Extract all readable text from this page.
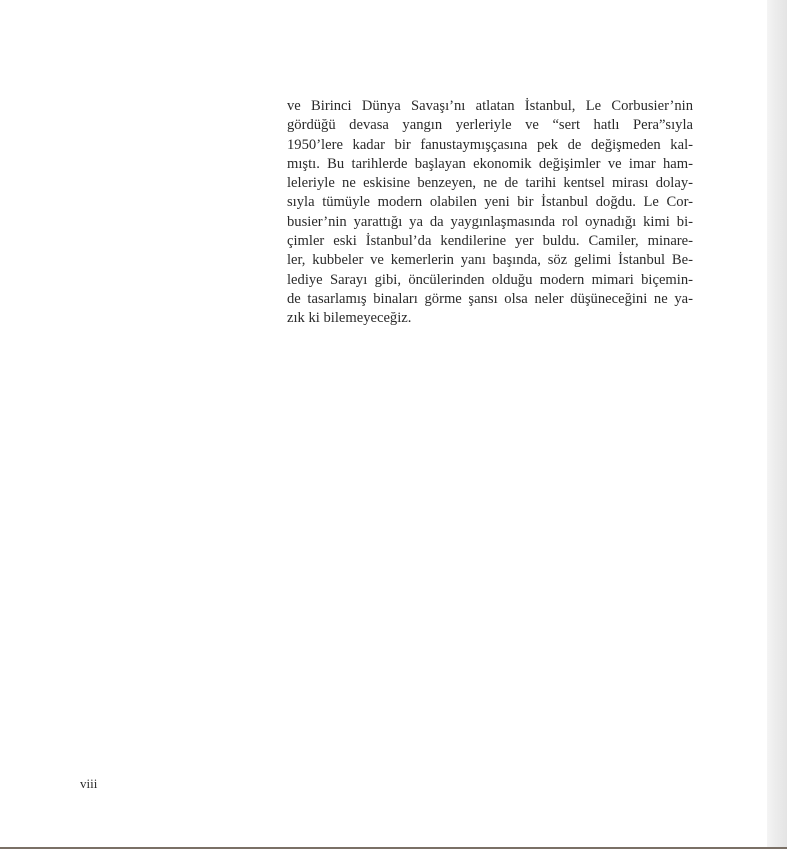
ve Birinci Dünya Savaşı’nı atlatan İstanbul, Le Corbusier’nin
gördüğü devasa yangın yerleriyle ve “sert hatlı Pera”sıyla
1950’lere kadar bir fanustaymışçasına pek de değişmeden kal-
mıştı. Bu tarihlerde başlayan ekonomik değişimler ve imar ham-
leleriyle ne eskisine benzeyen, ne de tarihi kentsel mirası dolay-
sıyla tümüyle modern olabilen yeni bir İstanbul doğdu. Le Cor-
busier’nin yarattığı ya da yaygınlaşmasında rol oynadığı kimi bi-
çimler eski İstanbul’da kendilerine yer buldu. Camiler, minare-
ler, kubbeler ve kemerlerin yanı başında, söz gelimi İstanbul Be-
lediye Sarayı gibi, öncülerinden olduğu modern mimari biçemin-
de tasarlamış binaları görme şansı olsa neler düşüneceğini ne ya-
zık ki bilemeyeceğiz.
viii
